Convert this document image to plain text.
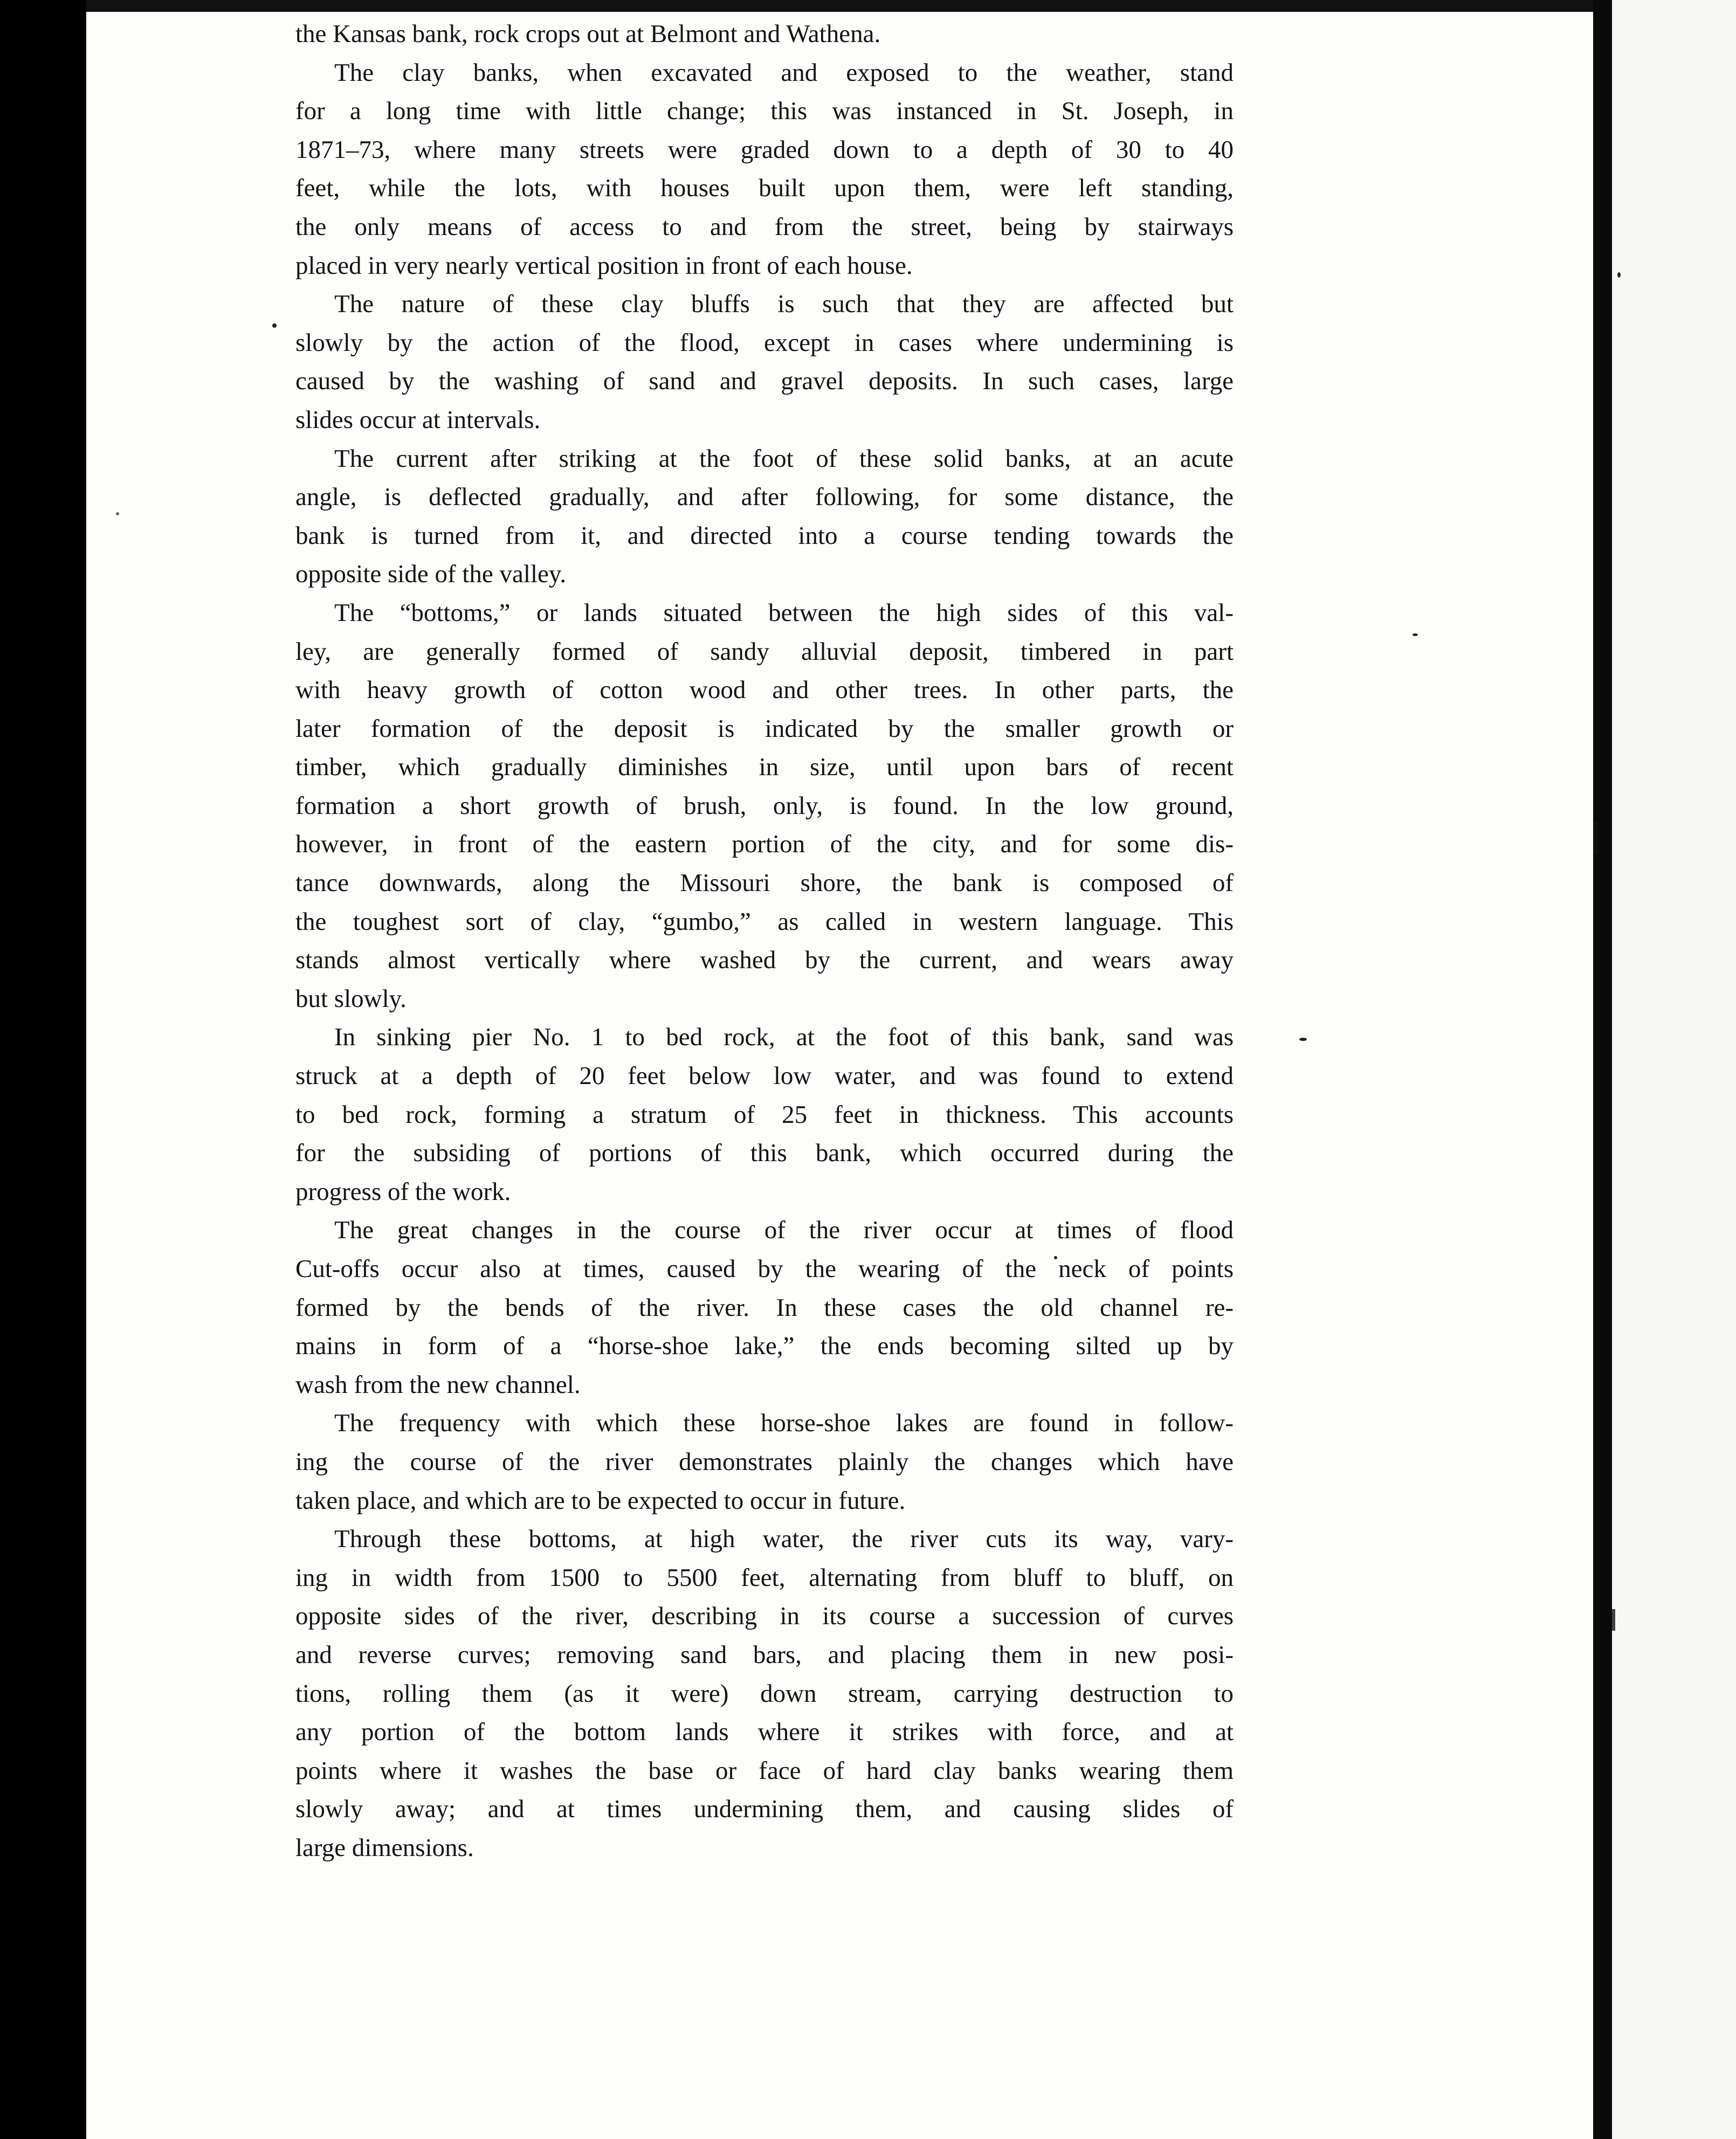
the Kansas bank, rock crops out at Belmont and Wathena.
The clay banks, when excavated and exposed to the weather, stand
for a long time with little change; this was instanced in St. Joseph, in
1871–73, where many streets were graded down to a depth of 30 to 40
feet, while the lots, with houses built upon them, were left standing,
the only means of access to and from the street, being by stairways
placed in very nearly vertical position in front of each house.
The nature of these clay bluffs is such that they are affected but
slowly by the action of the flood, except in cases where undermining is
caused by the washing of sand and gravel deposits. In such cases, large
slides occur at intervals.
The current after striking at the foot of these solid banks, at an acute
angle, is deflected gradually, and after following, for some distance, the
bank is turned from it, and directed into a course tending towards the
opposite side of the valley.
The “bottoms,” or lands situated between the high sides of this val-
ley, are generally formed of sandy alluvial deposit, timbered in part
with heavy growth of cotton wood and other trees. In other parts, the
later formation of the deposit is indicated by the smaller growth or
timber, which gradually diminishes in size, until upon bars of recent
formation a short growth of brush, only, is found. In the low ground,
however, in front of the eastern portion of the city, and for some dis-
tance downwards, along the Missouri shore, the bank is composed of
the toughest sort of clay, “gumbo,” as called in western language. This
stands almost vertically where washed by the current, and wears away
but slowly.
In sinking pier No. 1 to bed rock, at the foot of this bank, sand was
struck at a depth of 20 feet below low water, and was found to extend
to bed rock, forming a stratum of 25 feet in thickness. This accounts
for the subsiding of portions of this bank, which occurred during the
progress of the work.
The great changes in the course of the river occur at times of flood
Cut-offs occur also at times, caused by the wearing of the neck of points
formed by the bends of the river. In these cases the old channel re-
mains in form of a “horse-shoe lake,” the ends becoming silted up by
wash from the new channel.
The frequency with which these horse-shoe lakes are found in follow-
ing the course of the river demonstrates plainly the changes which have
taken place, and which are to be expected to occur in future.
Through these bottoms, at high water, the river cuts its way, vary-
ing in width from 1500 to 5500 feet, alternating from bluff to bluff, on
opposite sides of the river, describing in its course a succession of curves
and reverse curves; removing sand bars, and placing them in new posi-
tions, rolling them (as it were) down stream, carrying destruction to
any portion of the bottom lands where it strikes with force, and at
points where it washes the base or face of hard clay banks wearing them
slowly away; and at times undermining them, and causing slides of
large dimensions.
